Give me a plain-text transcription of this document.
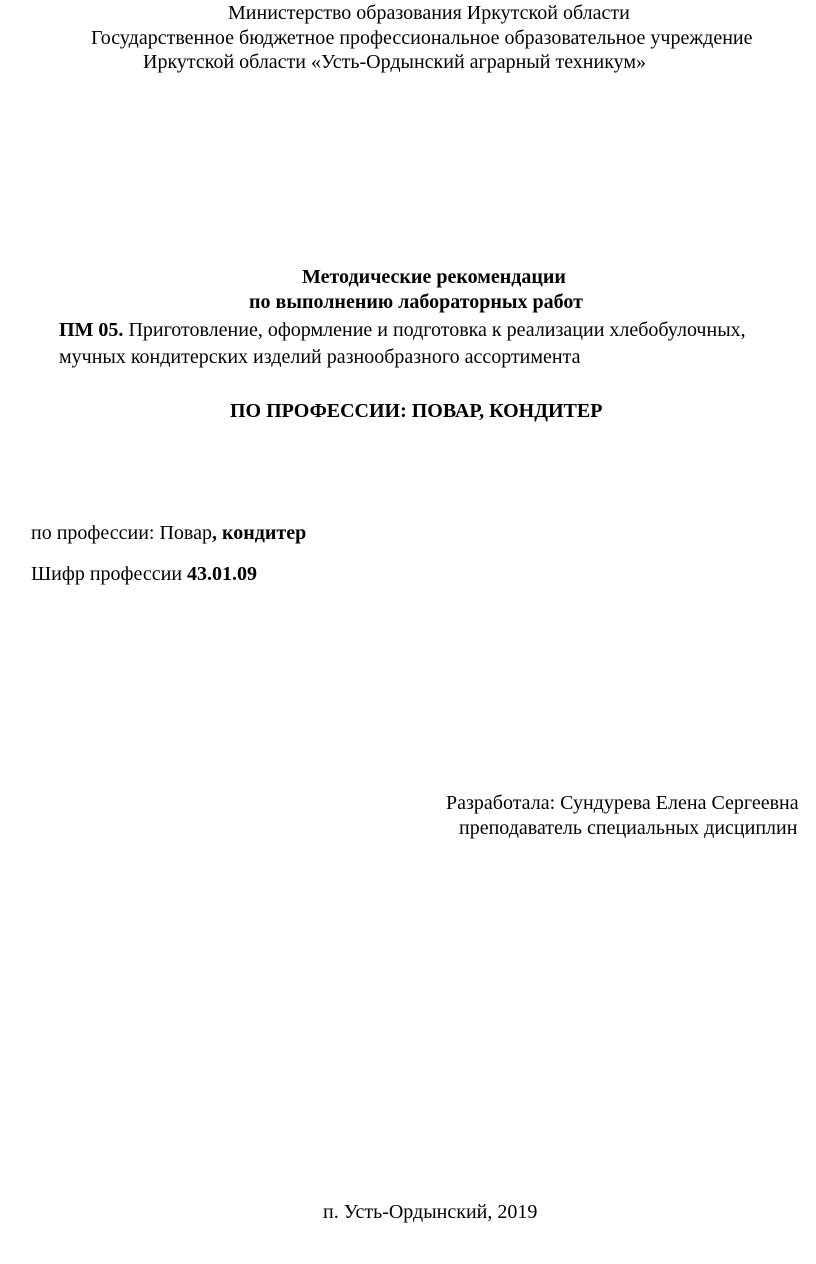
Министерство образования Иркутской области

Государственное бюджетное профессиональное образовательное учреждение

Иркутской области «Усть-Ордынский аграрный техникум»

Методические рекомендации

по выполнению лабораторных работ

ПМ 05. Приготовление, оформление и подготовка к реализации хлебобулочных,

мучных кондитерских изделий разнообразного ассортимента

ПО ПРОФЕССИИ: ПОВАР, КОНДИТЕР

по профессии: Повар, кондитер

Шифр профессии 43.01.09

Разработала: Сундурева Елена Сергеевна

преподаватель специальных дисциплин

п. Усть-Ордынский, 2019
